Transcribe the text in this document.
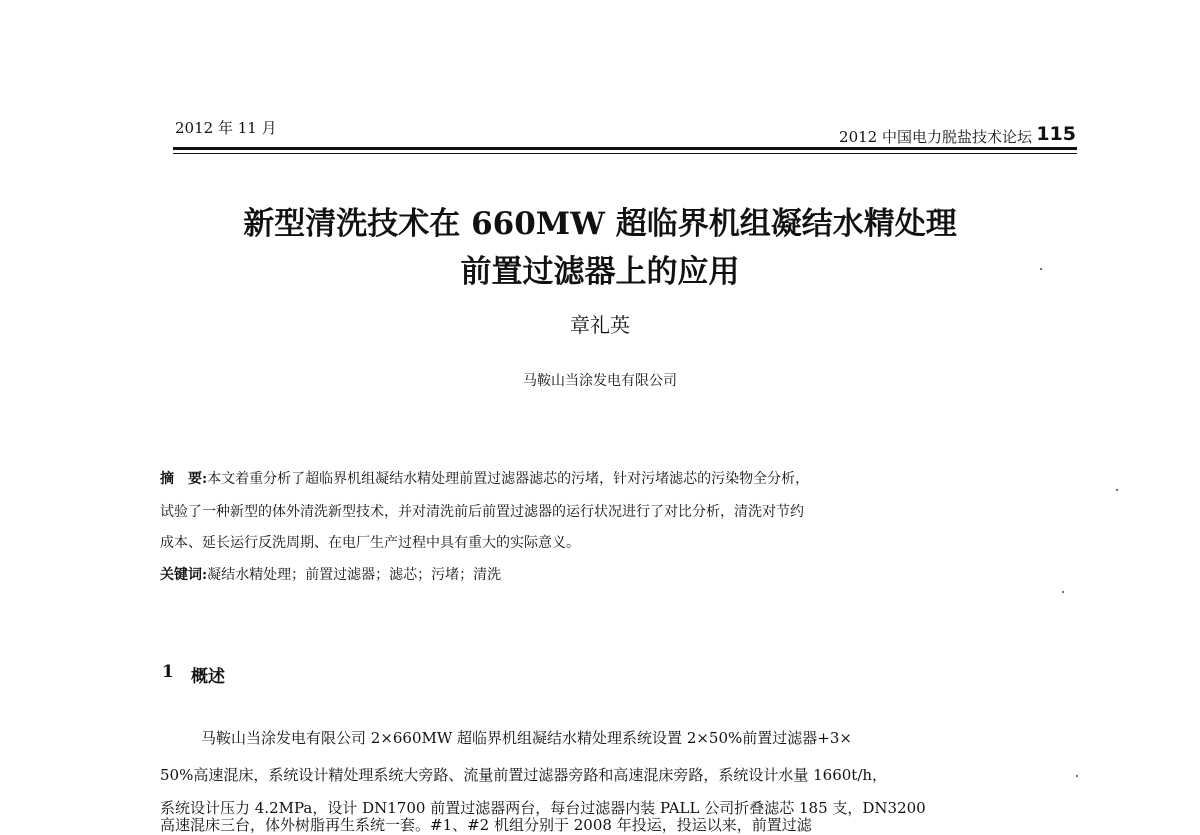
2012 年 11 月	2012 中国电力脱盐技术论坛 115
新型清洗技术在 660MW 超临界机组凝结水精处理
前置过滤器上的应用
章礼英
马鞍山当涂发电有限公司
摘　要:本文着重分析了超临界机组凝结水精处理前置过滤器滤芯的污堵，针对污堵滤芯的污染物全分析，
试验了一种新型的体外清洗新型技术，并对清洗前后前置过滤器的运行状况进行了对比分析，清洗对节约
成本、延长运行反洗周期、在电厂生产过程中具有重大的实际意义。
关键词:凝结水精处理；前置过滤器；滤芯；污堵；清洗
1 概述
马鞍山当涂发电有限公司 2×660MW 超临界机组凝结水精处理系统设置 2×50%前置过滤器+3×
50%高速混床，系统设计精处理系统大旁路、流量前置过滤器旁路和高速混床旁路，系统设计水量 1660t/h，
系统设计压力 4.2MPa，设计 DN1700 前置过滤器两台，每台过滤器内装 PALL 公司折叠滤芯 185 支，DN3200
高速混床三台，体外树脂再生系统一套。#1、#2 机组分别于 2008 年投运，投运以来，前置过滤
